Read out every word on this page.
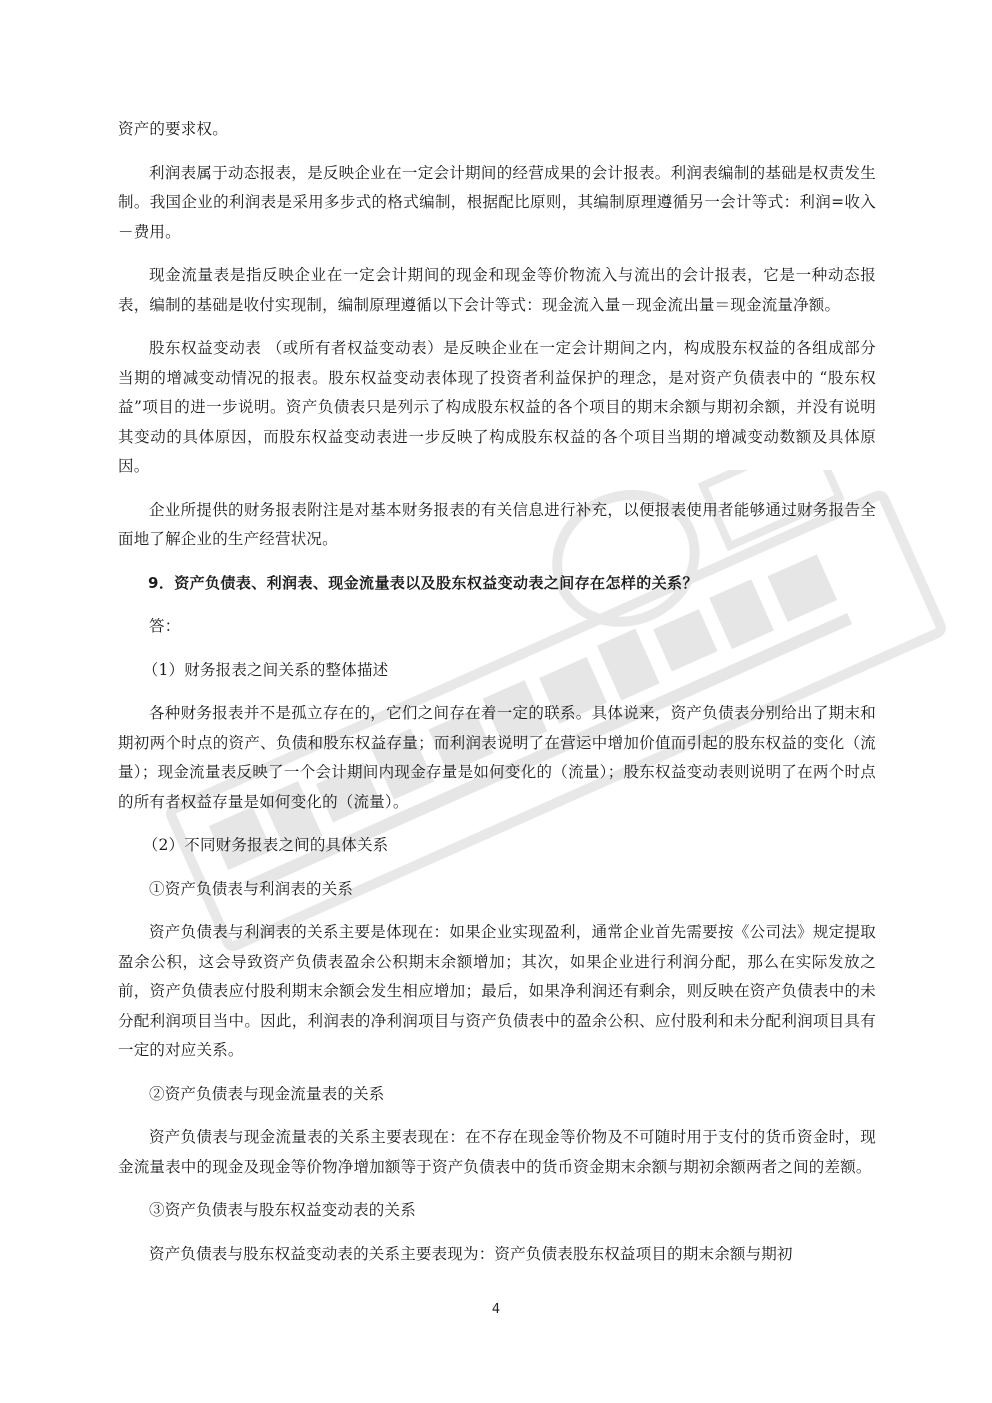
资产的要求权。

利润表属于动态报表，是反映企业在一定会计期间的经营成果的会计报表。利润表编制的基础是权责发生制。我国企业的利润表是采用多步式的格式编制，根据配比原则，其编制原理遵循另一会计等式：利润=收入－费用。

现金流量表是指反映企业在一定会计期间的现金和现金等价物流入与流出的会计报表，它是一种动态报表，编制的基础是收付实现制，编制原理遵循以下会计等式：现金流入量－现金流出量＝现金流量净额。

股东权益变动表 （或所有者权益变动表）是反映企业在一定会计期间之内，构成股东权益的各组成部分当期的增减变动情况的报表。股东权益变动表体现了投资者利益保护的理念，是对资产负债表中的 “股东权益”项目的进一步说明。资产负债表只是列示了构成股东权益的各个项目的期末余额与期初余额，并没有说明其变动的具体原因，而股东权益变动表进一步反映了构成股东权益的各个项目当期的增减变动数额及具体原因。

企业所提供的财务报表附注是对基本财务报表的有关信息进行补充，以便报表使用者能够通过财务报告全面地了解企业的生产经营状况。

9．资产负债表、利润表、现金流量表以及股东权益变动表之间存在怎样的关系？

答：

（1）财务报表之间关系的整体描述

各种财务报表并不是孤立存在的，它们之间存在着一定的联系。具体说来，资产负债表分别给出了期末和期初两个时点的资产、负债和股东权益存量；而利润表说明了在营运中增加价值而引起的股东权益的变化（流量）；现金流量表反映了一个会计期间内现金存量是如何变化的（流量）；股东权益变动表则说明了在两个时点的所有者权益存量是如何变化的（流量）。

（2）不同财务报表之间的具体关系

①资产负债表与利润表的关系

资产负债表与利润表的关系主要是体现在：如果企业实现盈利，通常企业首先需要按《公司法》规定提取盈余公积，这会导致资产负债表盈余公积期末余额增加；其次，如果企业进行利润分配，那么在实际发放之前，资产负债表应付股利期末余额会发生相应增加；最后，如果净利润还有剩余，则反映在资产负债表中的未分配利润项目当中。因此，利润表的净利润项目与资产负债表中的盈余公积、应付股利和未分配利润项目具有一定的对应关系。

②资产负债表与现金流量表的关系

资产负债表与现金流量表的关系主要表现在：在不存在现金等价物及不可随时用于支付的货币资金时，现金流量表中的现金及现金等价物净增加额等于资产负债表中的货币资金期末余额与期初余额两者之间的差额。

③资产负债表与股东权益变动表的关系

资产负债表与股东权益变动表的关系主要表现为：资产负债表股东权益项目的期末余额与期初

4
